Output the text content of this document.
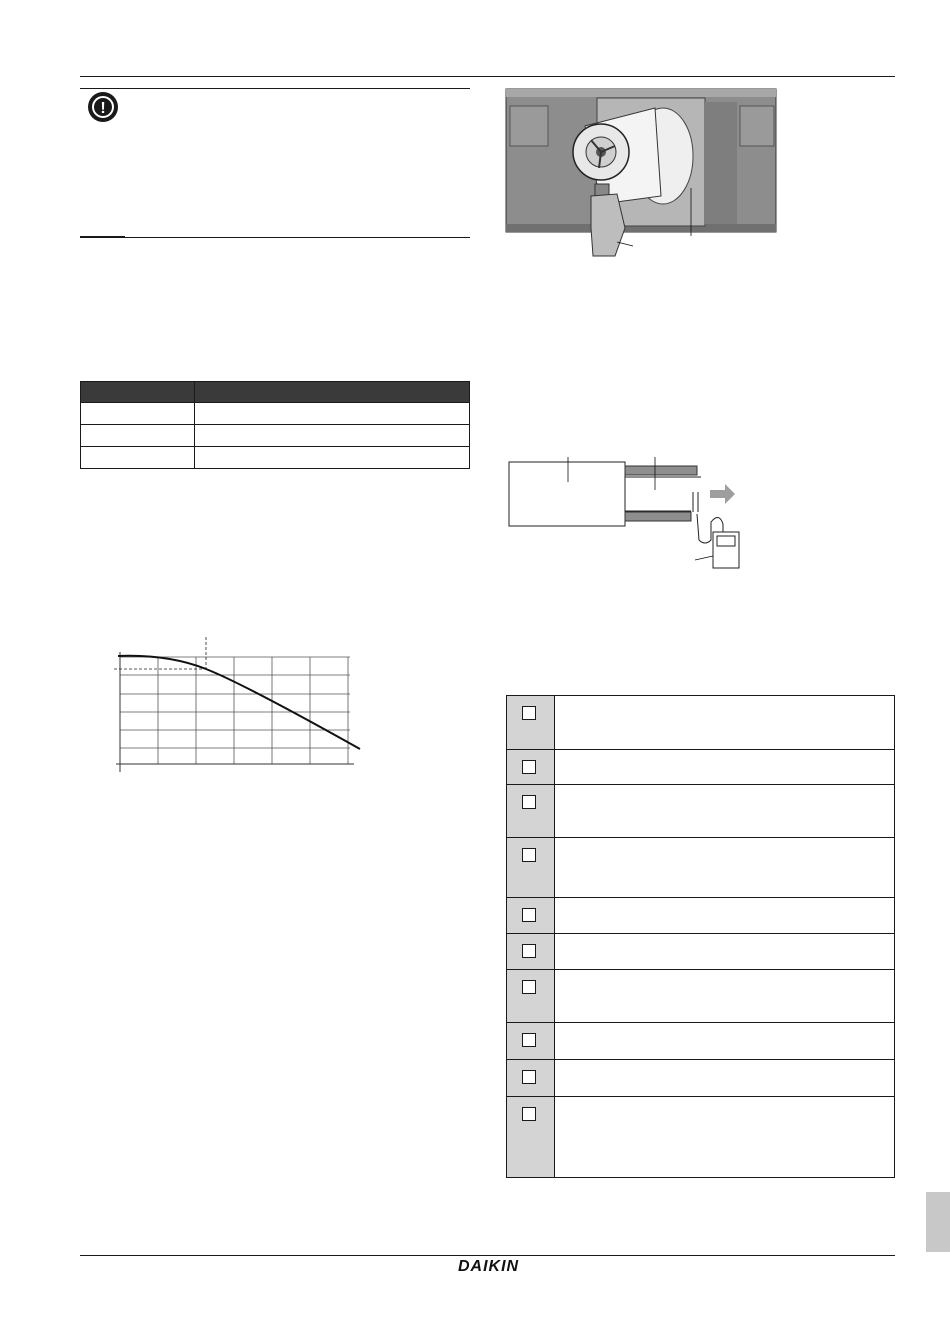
!

DAIKIN
